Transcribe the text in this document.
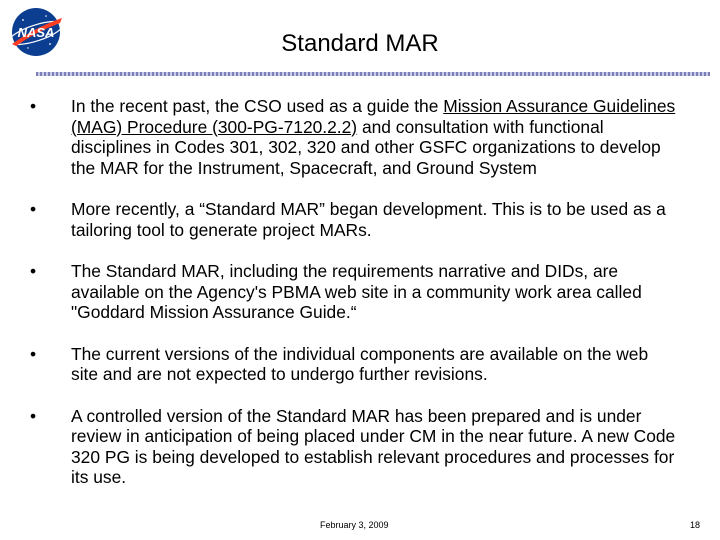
NASA	Standard MAR
•	In the recent past, the CSO used as a guide the Mission Assurance Guidelines (MAG) Procedure (300-PG-7120.2.2) and consultation with functional disciplines in Codes 301, 302, 320 and other GSFC organizations to develop the MAR for the Instrument, Spacecraft, and Ground System
•	More recently, a “Standard MAR” began development. This is to be used as a tailoring tool to generate project MARs.
•	The Standard MAR, including the requirements narrative and DIDs, are available on the Agency's PBMA web site in a community work area called "Goddard Mission Assurance Guide.“
•	The current versions of the individual components are available on the web site and are not expected to undergo further revisions.
•	A controlled version of the Standard MAR has been prepared and is under review in anticipation of being placed under CM in the near future. A new Code 320 PG is being developed to establish relevant procedures and processes for its use.
February 3, 2009	18
